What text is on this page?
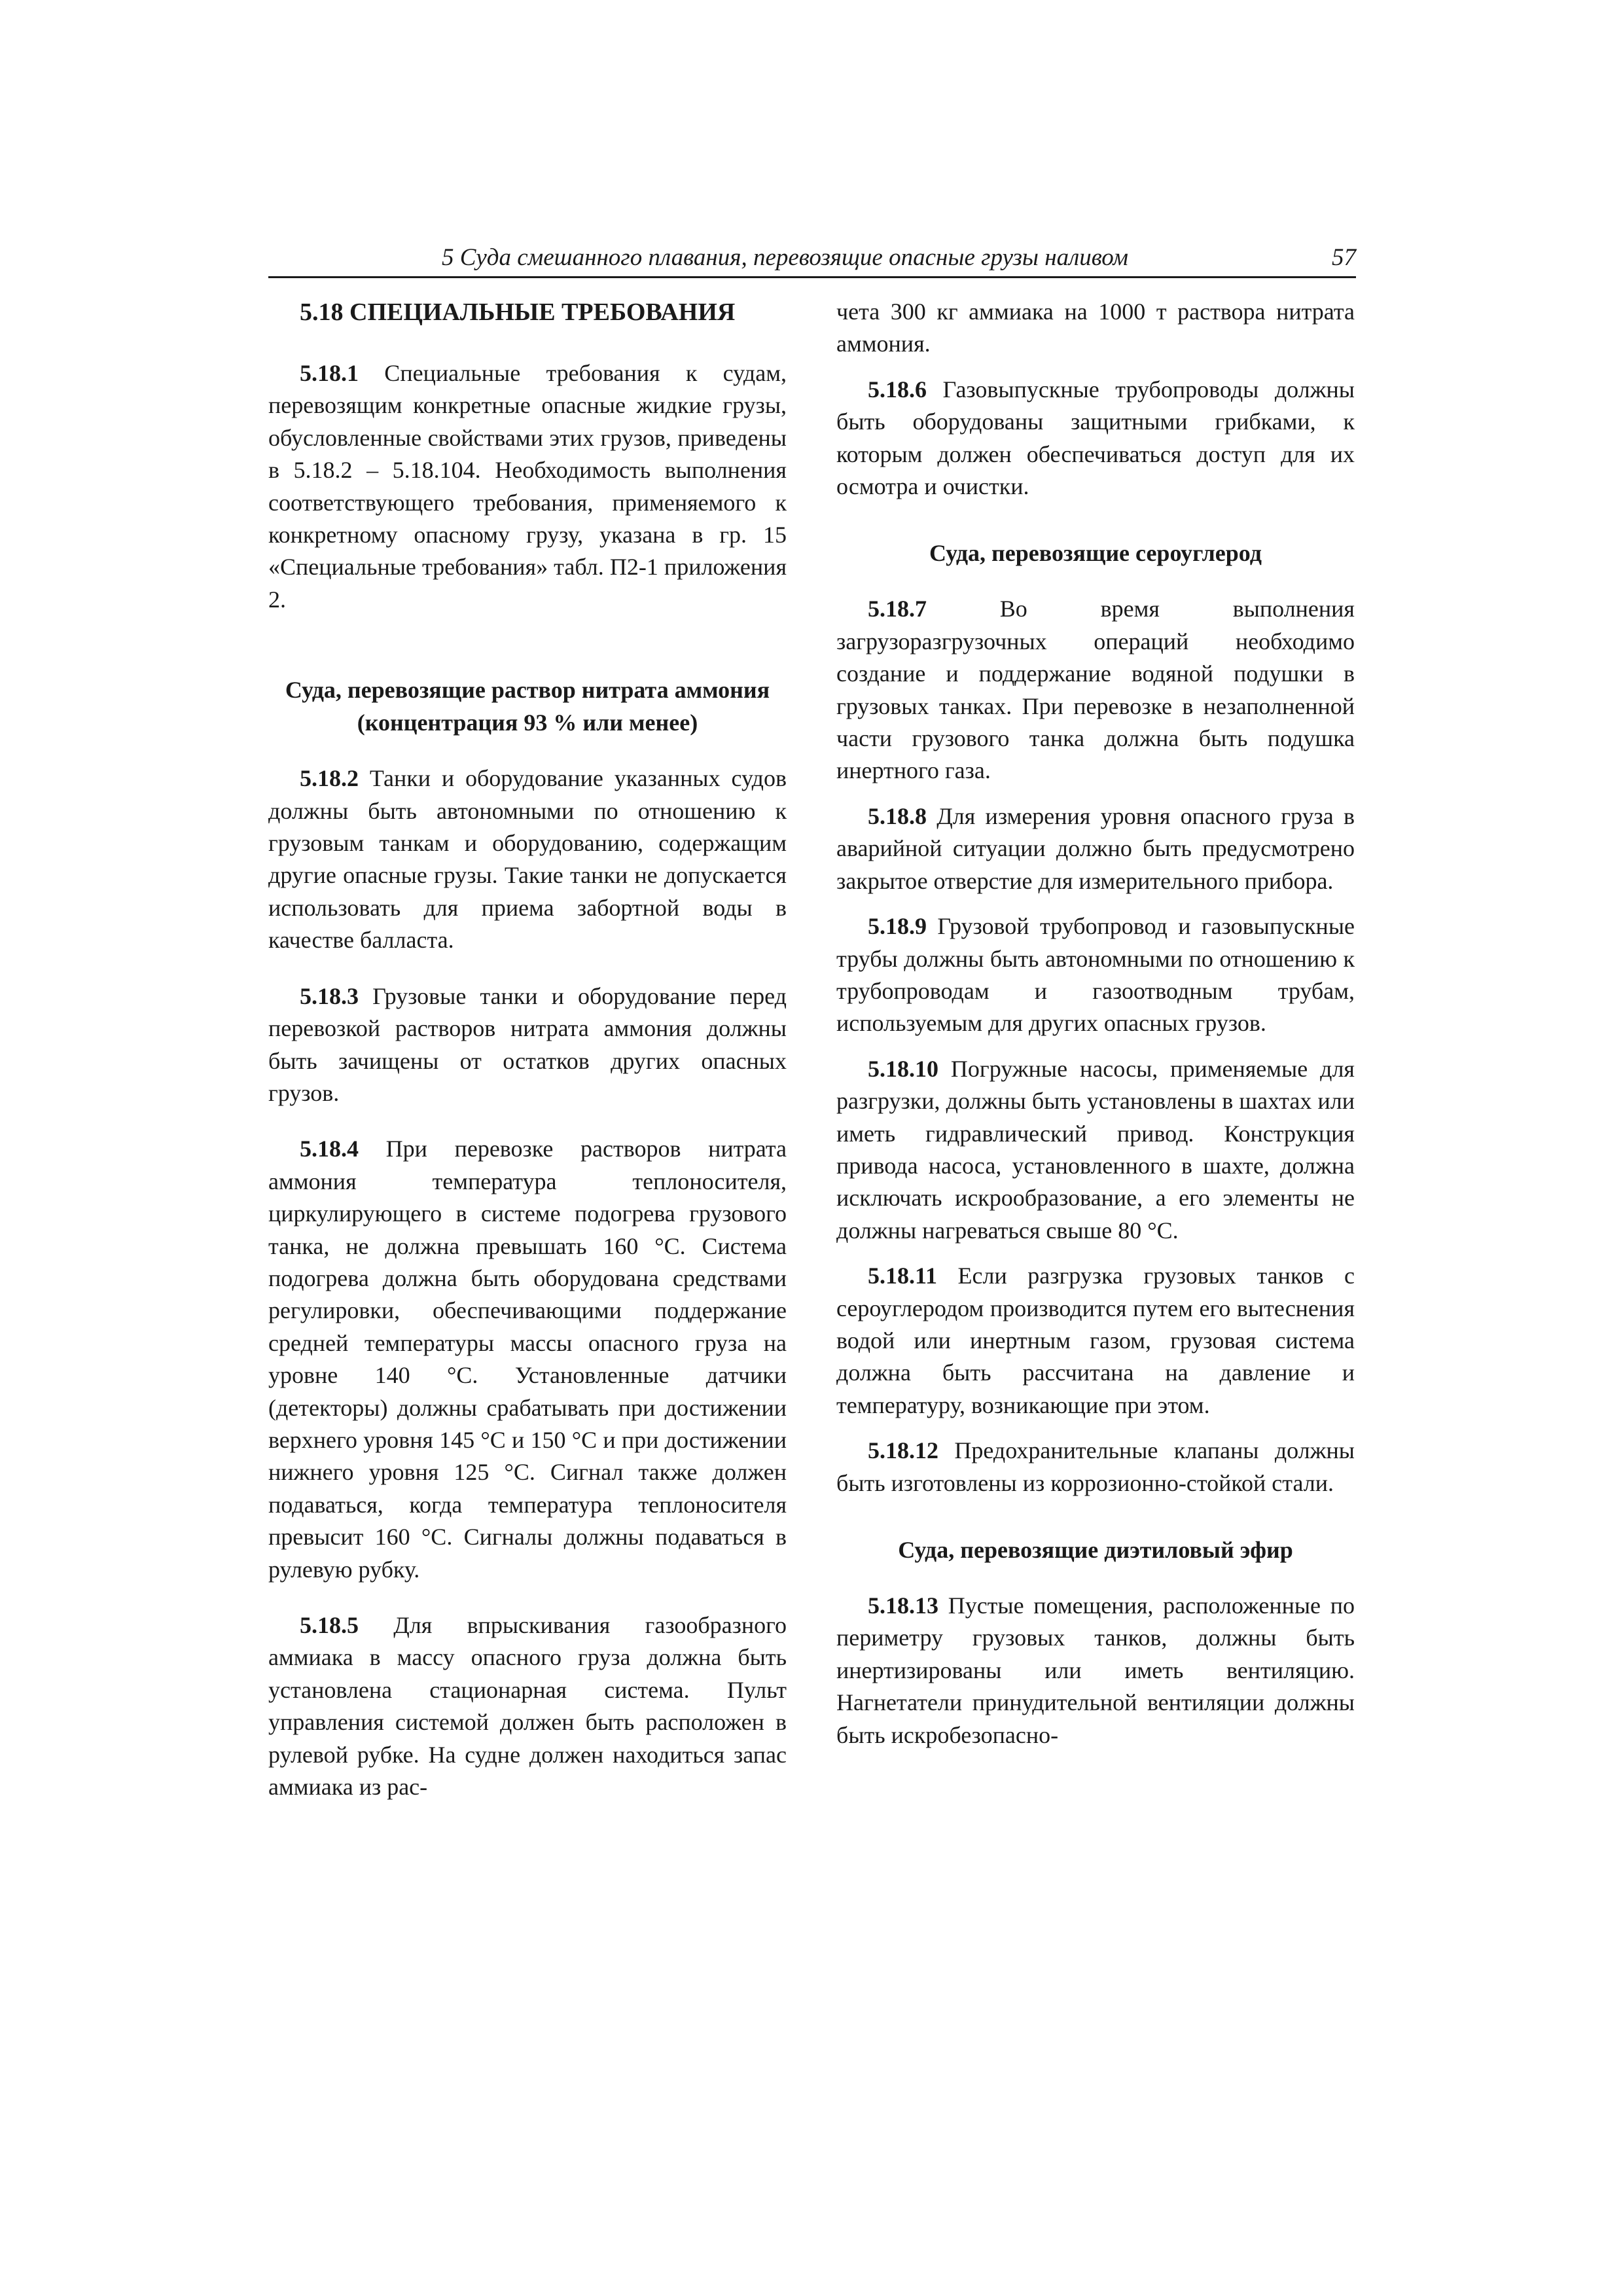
5 Суда смешанного плавания, перевозящие опасные грузы наливом	57
5.18 СПЕЦИАЛЬНЫЕ ТРЕБОВАНИЯ

5.18.1 Специальные требования к судам, перевозящим конкретные опасные жидкие грузы, обусловленные свойствами этих грузов, приведены в 5.18.2 – 5.18.104. Необходимость выполнения соответствующего требования, применяемого к конкретному опасному грузу, указана в гр. 15 «Специальные требования» табл. П2-1 приложения 2.

Суда, перевозящие раствор нитрата аммония
(концентрация 93 % или менее)

5.18.2 Танки и оборудование указанных судов должны быть автономными по отношению к грузовым танкам и оборудованию, содержащим другие опасные грузы. Такие танки не допускается использовать для приема забортной воды в качестве балласта.

5.18.3 Грузовые танки и оборудование перед перевозкой растворов нитрата аммония должны быть зачищены от остатков других опасных грузов.

5.18.4 При перевозке растворов нитрата аммония температура теплоносителя, циркулирующего в системе подогрева грузового танка, не должна превышать 160 °C. Система подогрева должна быть оборудована средствами регулировки, обеспечивающими поддержание средней температуры массы опасного груза на уровне 140 °C. Установленные датчики (детекторы) должны срабатывать при достижении верхнего уровня 145 °C и 150 °C и при достижении нижнего уровня 125 °C. Сигнал также должен подаваться, когда температура теплоносителя превысит 160 °C. Сигналы должны подаваться в рулевую рубку.

5.18.5 Для впрыскивания газообразного аммиака в массу опасного груза должна быть установлена стационарная система. Пульт управления системой должен быть расположен в рулевой рубке. На судне должен находиться запас аммиака из рас-

чета 300 кг аммиака на 1000 т раствора нитрата аммония.

5.18.6 Газовыпускные трубопроводы должны быть оборудованы защитными грибками, к которым должен обеспечиваться доступ для их осмотра и очистки.

Суда, перевозящие сероуглерод

5.18.7 Во время выполнения загрузоразгрузочных операций необходимо создание и поддержание водяной подушки в грузовых танках. При перевозке в незаполненной части грузового танка должна быть подушка инертного газа.

5.18.8 Для измерения уровня опасного груза в аварийной ситуации должно быть предусмотрено закрытое отверстие для измерительного прибора.

5.18.9 Грузовой трубопровод и газовыпускные трубы должны быть автономными по отношению к трубопроводам и газоотводным трубам, используемым для других опасных грузов.

5.18.10 Погружные насосы, применяемые для разгрузки, должны быть установлены в шахтах или иметь гидравлический привод. Конструкция привода насоса, установленного в шахте, должна исключать искрообразование, а его элементы не должны нагреваться свыше 80 °C.

5.18.11 Если разгрузка грузовых танков с сероуглеродом производится путем его вытеснения водой или инертным газом, грузовая система должна быть рассчитана на давление и температуру, возникающие при этом.

5.18.12 Предохранительные клапаны должны быть изготовлены из коррозионно-стойкой стали.

Суда, перевозящие диэтиловый эфир

5.18.13 Пустые помещения, расположенные по периметру грузовых танков, должны быть инертизированы или иметь вентиляцию. Нагнетатели принудительной вентиляции должны быть искробезопасно-
